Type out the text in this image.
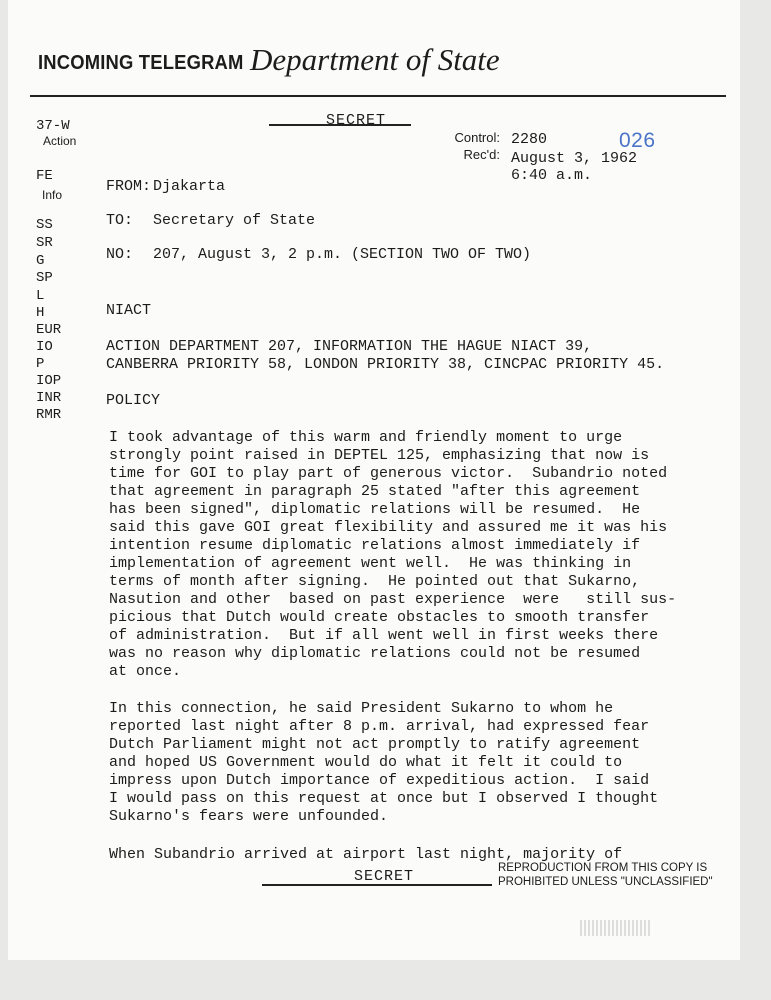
INCOMING TELEGRAM Department of State
SECRET
Control: 2280	026
Rec'd: August 3, 1962
6:40 a.m.
37-W
Action
FE
Info
SS
SR
G
SP
L
H
EUR
IO
P
IOP
INR
RMR
FROM: Djakarta
TO: Secretary of State
NO: 207, August 3, 2 p.m. (SECTION TWO OF TWO)
NIACT
ACTION DEPARTMENT 207, INFORMATION THE HAGUE NIACT 39,
CANBERRA PRIORITY 58, LONDON PRIORITY 38, CINCPAC PRIORITY 45.
POLICY
I took advantage of this warm and friendly moment to urge
strongly point raised in DEPTEL 125, emphasizing that now is
time for GOI to play part of generous victor.  Subandrio noted
that agreement in paragraph 25 stated "after this agreement
has been signed", diplomatic relations will be resumed.  He
said this gave GOI great flexibility and assured me it was his
intention resume diplomatic relations almost immediately if
implementation of agreement went well.  He was thinking in
terms of month after signing.  He pointed out that Sukarno,
Nasution and other  based on past experience  were   still sus-
picious that Dutch would create obstacles to smooth transfer
of administration.  But if all went well in first weeks there
was no reason why diplomatic relations could not be resumed
at once.
In this connection, he said President Sukarno to whom he
reported last night after 8 p.m. arrival, had expressed fear
Dutch Parliament might not act promptly to ratify agreement
and hoped US Government would do what it felt it could to
impress upon Dutch importance of expeditious action.  I said
I would pass on this request at once but I observed I thought
Sukarno's fears were unfounded.
When Subandrio arrived at airport last night, majority of
SECRET	REPRODUCTION FROM THIS COPY IS
PROHIBITED UNLESS "UNCLASSIFIED"
